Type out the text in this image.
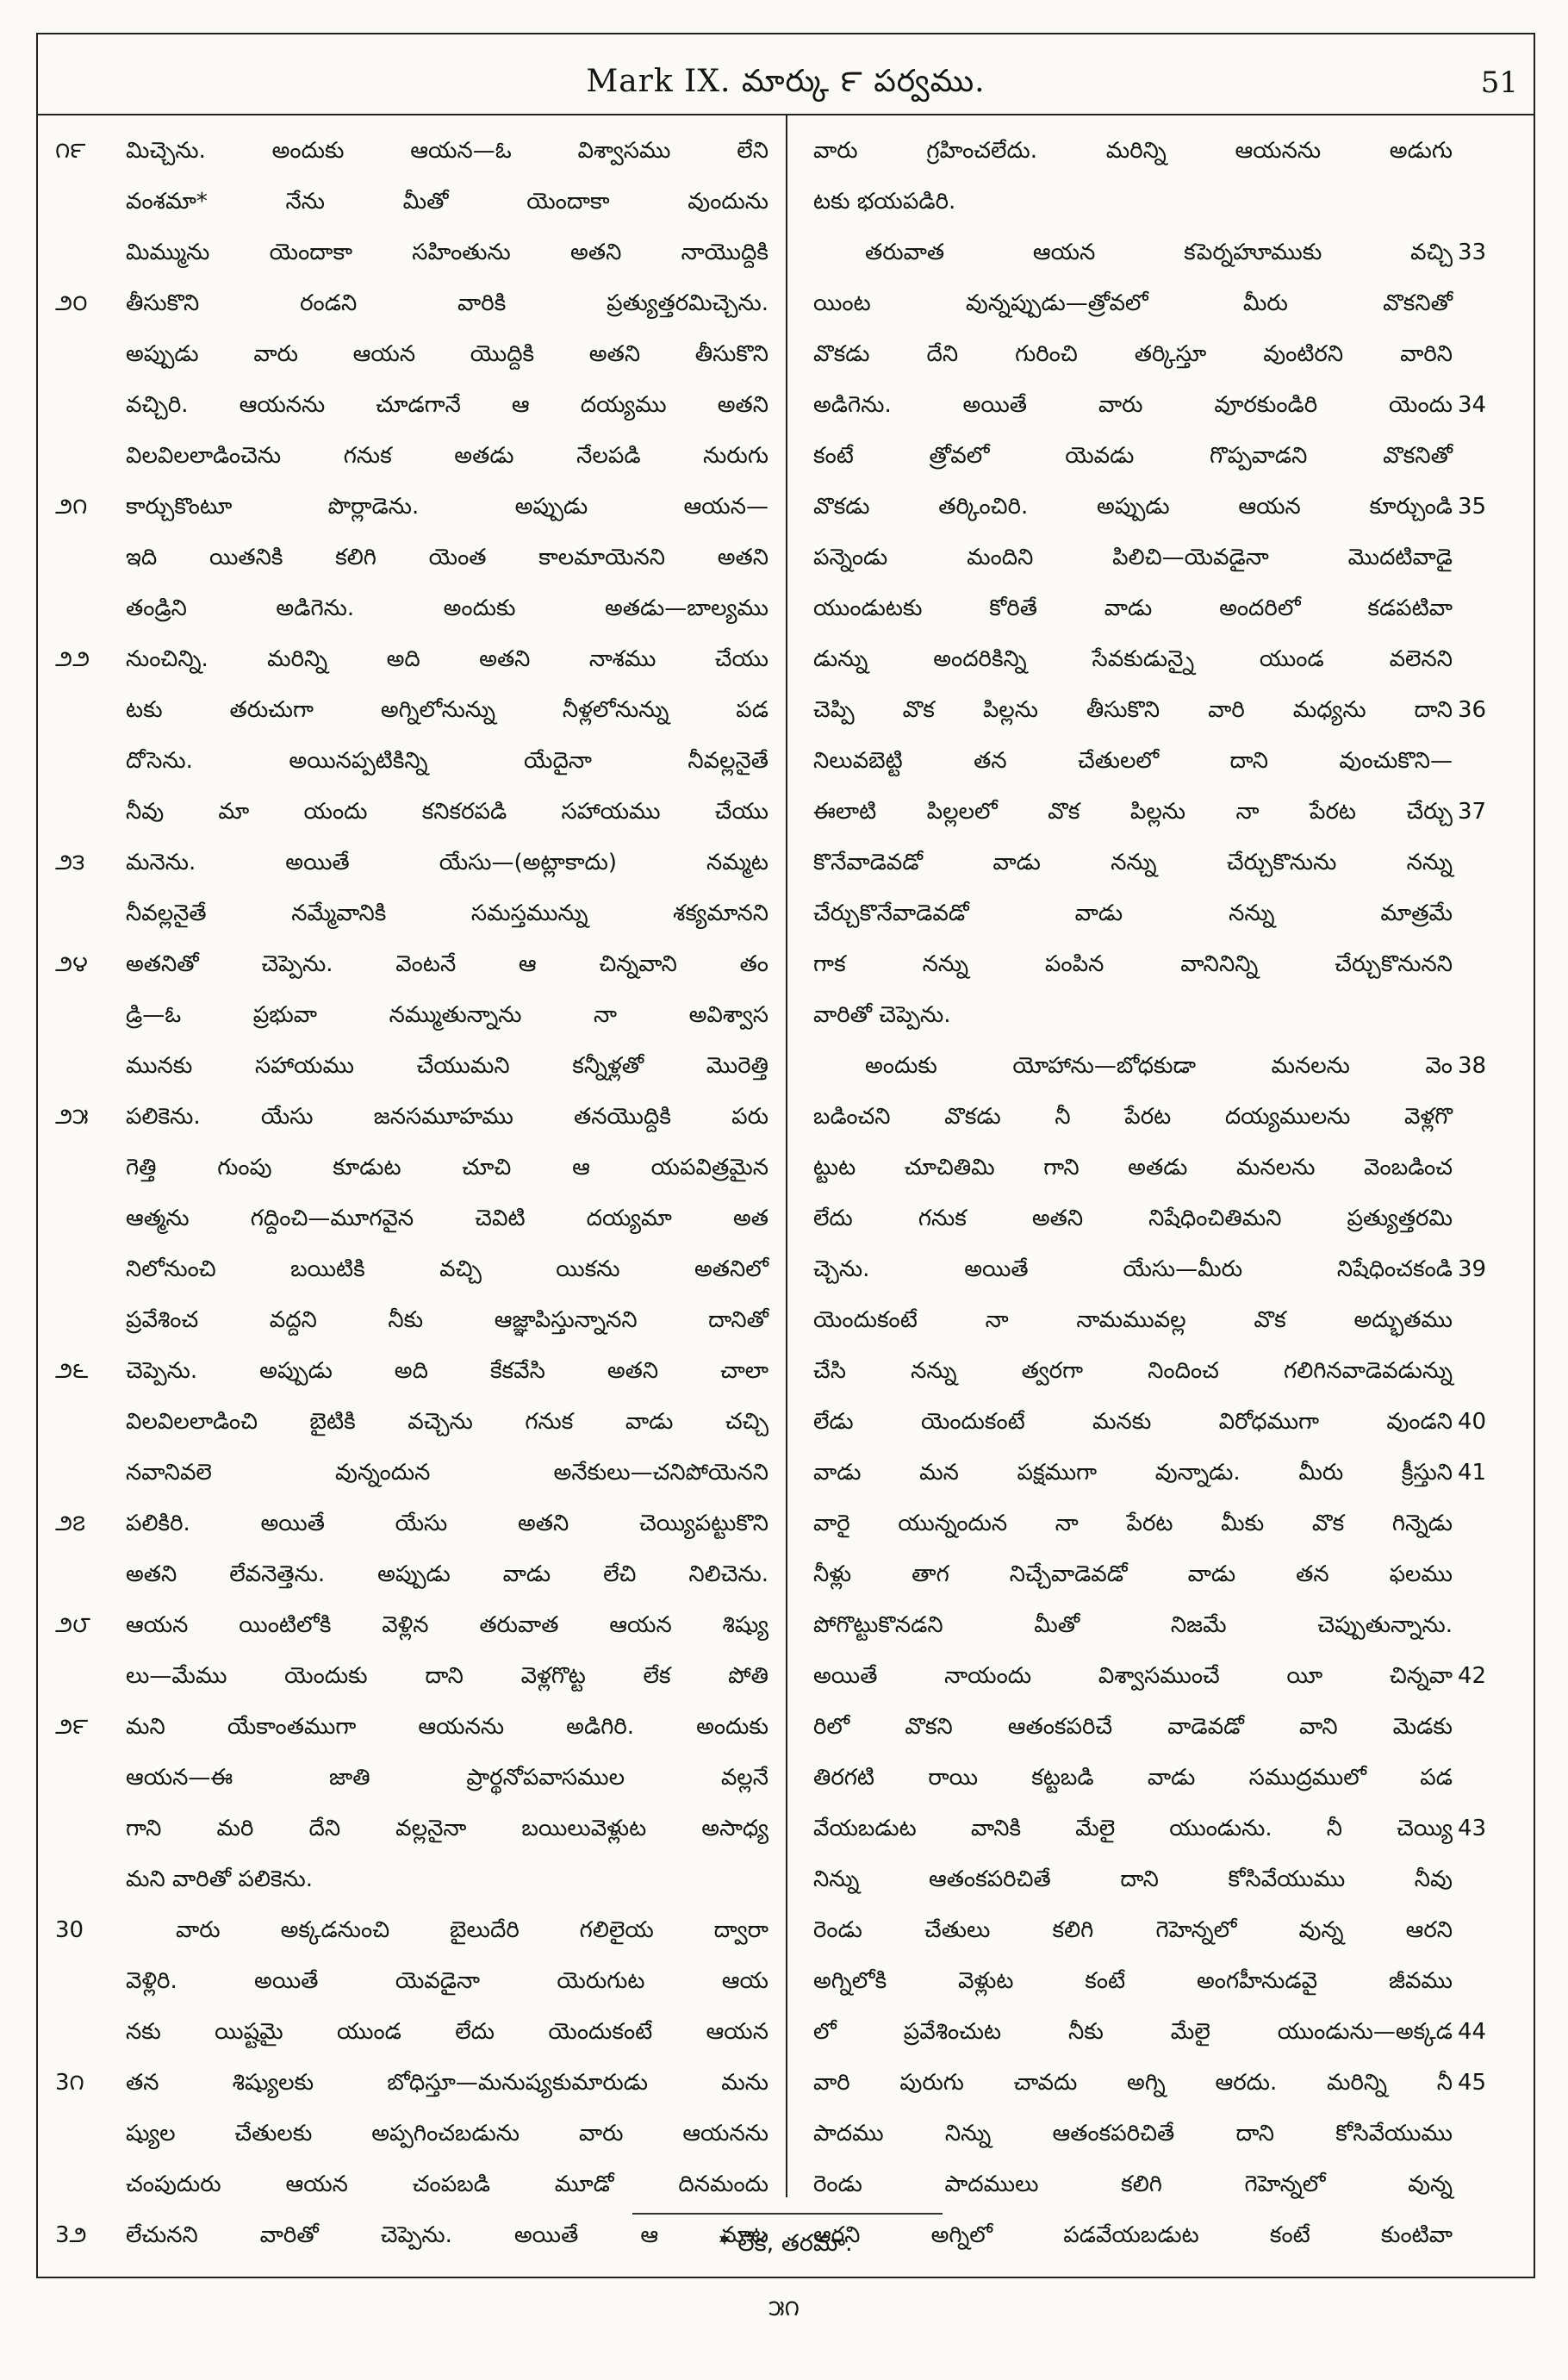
Mark IX. మార్కు ౯ పర్వము.	51
౧౯	మిచ్చెను. అందుకు ఆయన—ఓ విశ్వాసము లేని
వంశమా* నేను మీతో యెందాకా వుందును
మిమ్మును యెందాకా సహింతును అతని నాయొద్దికి
౨౦	తీసుకొని రండని వారికి ప్రత్యుత్తరమిచ్చెను.
అప్పుడు వారు ఆయన యొద్దికి అతని తీసుకొని
వచ్చిరి. ఆయనను చూడగానే ఆ దయ్యము అతని
విలవిలలాడించెను గనుక అతడు నేలపడి నురుగు
౨౧	కార్చుకొంటూ పొర్లాడెను. అప్పుడు ఆయన—
ఇది యితనికి కలిగి యెంత కాలమాయెనని అతని
తండ్రిని అడిగెను. అందుకు అతడు—బాల్యము
౨౨	నుంచిన్ని. మరిన్ని అది అతని నాశము చేయు
టకు తరుచుగా అగ్నిలోనున్ను నీళ్లలోనున్ను పడ
దోసెను. అయినప్పటికిన్ని యేదైనా నీవల్లనైతే
నీవు మా యందు కనికరపడి సహాయము చేయు
౨౩	మనెను. అయితే యేసు—(అట్లాకాదు) నమ్మట
నీవల్లనైతే నమ్మేవానికి సమస్తమున్ను శక్యమానని
౨౪	అతనితో చెప్పెను. వెంటనే ఆ చిన్నవాని తం
డ్రి—ఓ ప్రభువా నమ్ముతున్నాను నా అవిశ్వాస
మునకు సహాయము చేయుమని కన్నీళ్లతో మొరెత్తి
౨౫	పలికెను. యేసు జనసమూహము తనయొద్దికి పరు
గెత్తి గుంపు కూడుట చూచి ఆ యపవిత్రమైన
ఆత్మను గద్దించి—మూగవైన చెవిటి దయ్యమా అత
నిలోనుంచి బయిటికి వచ్చి యికను అతనిలో
ప్రవేశించ వద్దని నీకు ఆజ్ఞాపిస్తున్నానని దానితో
౨౬	చెప్పెను. అప్పుడు అది కేకవేసి అతని చాలా
విలవిలలాడించి బైటికి వచ్చెను గనుక వాడు చచ్చి
నవానివలె వున్నందున అనేకులు—చనిపోయెనని
౨౭	పలికిరి. అయితే యేసు అతని చెయ్యిపట్టుకొని
అతని లేవనెత్తెను. అప్పుడు వాడు లేచి నిలిచెను.
౨౮	ఆయన యింటిలోకి వెళ్లిన తరువాత ఆయన శిష్యు
లు—మేము యెందుకు దాని వెళ్లగొట్ట లేక పోతి
౨౯	మని యేకాంతముగా ఆయనను అడిగిరి. అందుకు
ఆయన—ఈ జాతి ప్రార్థనోపవాసముల వల్లనే
గాని మరి దేని వల్లనైనా బయిలువెళ్లుట అసాధ్య
మని వారితో పలికెను.
30	వారు అక్కడనుంచి బైలుదేరి గలిలైయ ద్వారా
వెళ్లిరి. అయితే యెవడైనా యెరుగుట ఆయ
నకు యిష్టమై యుండ లేదు యెందుకంటే ఆయన
3౧	తన శిష్యులకు బోధిస్తూ—మనుష్యకుమారుడు మను
ష్యుల చేతులకు అప్పగించబడును వారు ఆయనను
చంపుదురు ఆయన చంపబడి మూడో దినమందు
3౨	లేచునని వారితో చెప్పెను. అయితే ఆ మాట
వారు గ్రహించలేదు. మరిన్ని ఆయనను అడుగు
టకు భయపడిరి.
33
తరువాత ఆయన కపెర్నహూముకు వచ్చి
యింట వున్నప్పుడు—త్రోవలో మీరు వొకనితో
వొకడు దేని గురించి తర్కిస్తూ వుంటిరని వారిని
34
అడిగెను. అయితే వారు వూరకుండిరి యెందు
కంటే త్రోవలో యెవడు గొప్పవాడని వొకనితో
35
వొకడు తర్కించిరి. అప్పుడు ఆయన కూర్చుండి
పన్నెండు మందిని పిలిచి—యెవడైనా మొదటివాడై
యుండుటకు కోరితే వాడు అందరిలో కడపటివా
డున్ను అందరికిన్ని సేవకుడున్నై యుండ వలెనని
36
చెప్పి వొక పిల్లను తీసుకొని వారి మధ్యను దాని
నిలువబెట్టి తన చేతులలో దాని వుంచుకొని—
37
ఈలాటి పిల్లలలో వొక పిల్లను నా పేరట చేర్చు
కొనేవాడెవడో వాడు నన్ను చేర్చుకొనును నన్ను
చేర్చుకొనేవాడెవడో వాడు నన్ను మాత్రమే
గాక నన్ను పంపిన వానినిన్ని చేర్చుకొనునని
వారితో చెప్పెను.
38
అందుకు యోహాను—బోధకుడా మనలను వెం
బడించని వొకడు నీ పేరట దయ్యములను వెళ్లగొ
ట్టుట చూచితిమి గాని అతడు మనలను వెంబడించ
లేదు గనుక అతని నిషేధించితిమని ప్రత్యుత్తరమి
39
చ్చెను. అయితే యేసు—మీరు నిషేధించకండి
యెందుకంటే నా నామమువల్ల వొక అద్భుతము
చేసి నన్ను త్వరగా నిందించ గలిగినవాడెవడున్ను
40
లేడు యెందుకంటే మనకు విరోధముగా వుండని
41
వాడు మన పక్షముగా వున్నాడు. మీరు క్రీస్తుని
వారై యున్నందున నా పేరట మీకు వొక గిన్నెడు
నీళ్లు తాగ నిచ్చేవాడెవడో వాడు తన ఫలము
పోగొట్టుకొనడని మీతో నిజమే చెప్పుతున్నాను.
42
అయితే నాయందు విశ్వాసముంచే యీ చిన్నవా
రిలో వొకని ఆతంకపరిచే వాడెవడో వాని మెడకు
తిరగటి రాయి కట్టబడి వాడు సముద్రములో పడ
43
వేయబడుట వానికి మేలై యుండును. నీ చెయ్యి
నిన్ను ఆతంకపరిచితే దాని కోసివేయుము నీవు
రెండు చేతులు కలిగి గెహెన్నలో వున్న ఆరని
అగ్నిలోకి వెళ్లుట కంటే అంగహీనుడవై జీవము
44
లో ప్రవేశించుట నీకు మేలై యుండును—అక్కడ
45
వారి పురుగు చావదు అగ్ని ఆరదు. మరిన్ని నీ
పాదము నిన్ను ఆతంకపరిచితే దాని కోసివేయుము
రెండు పాదములు కలిగి గెహెన్నలో వున్న
ఆరని అగ్నిలో పడవేయబడుట కంటే కుంటివా
* లేక, తరమా.
౫౧
